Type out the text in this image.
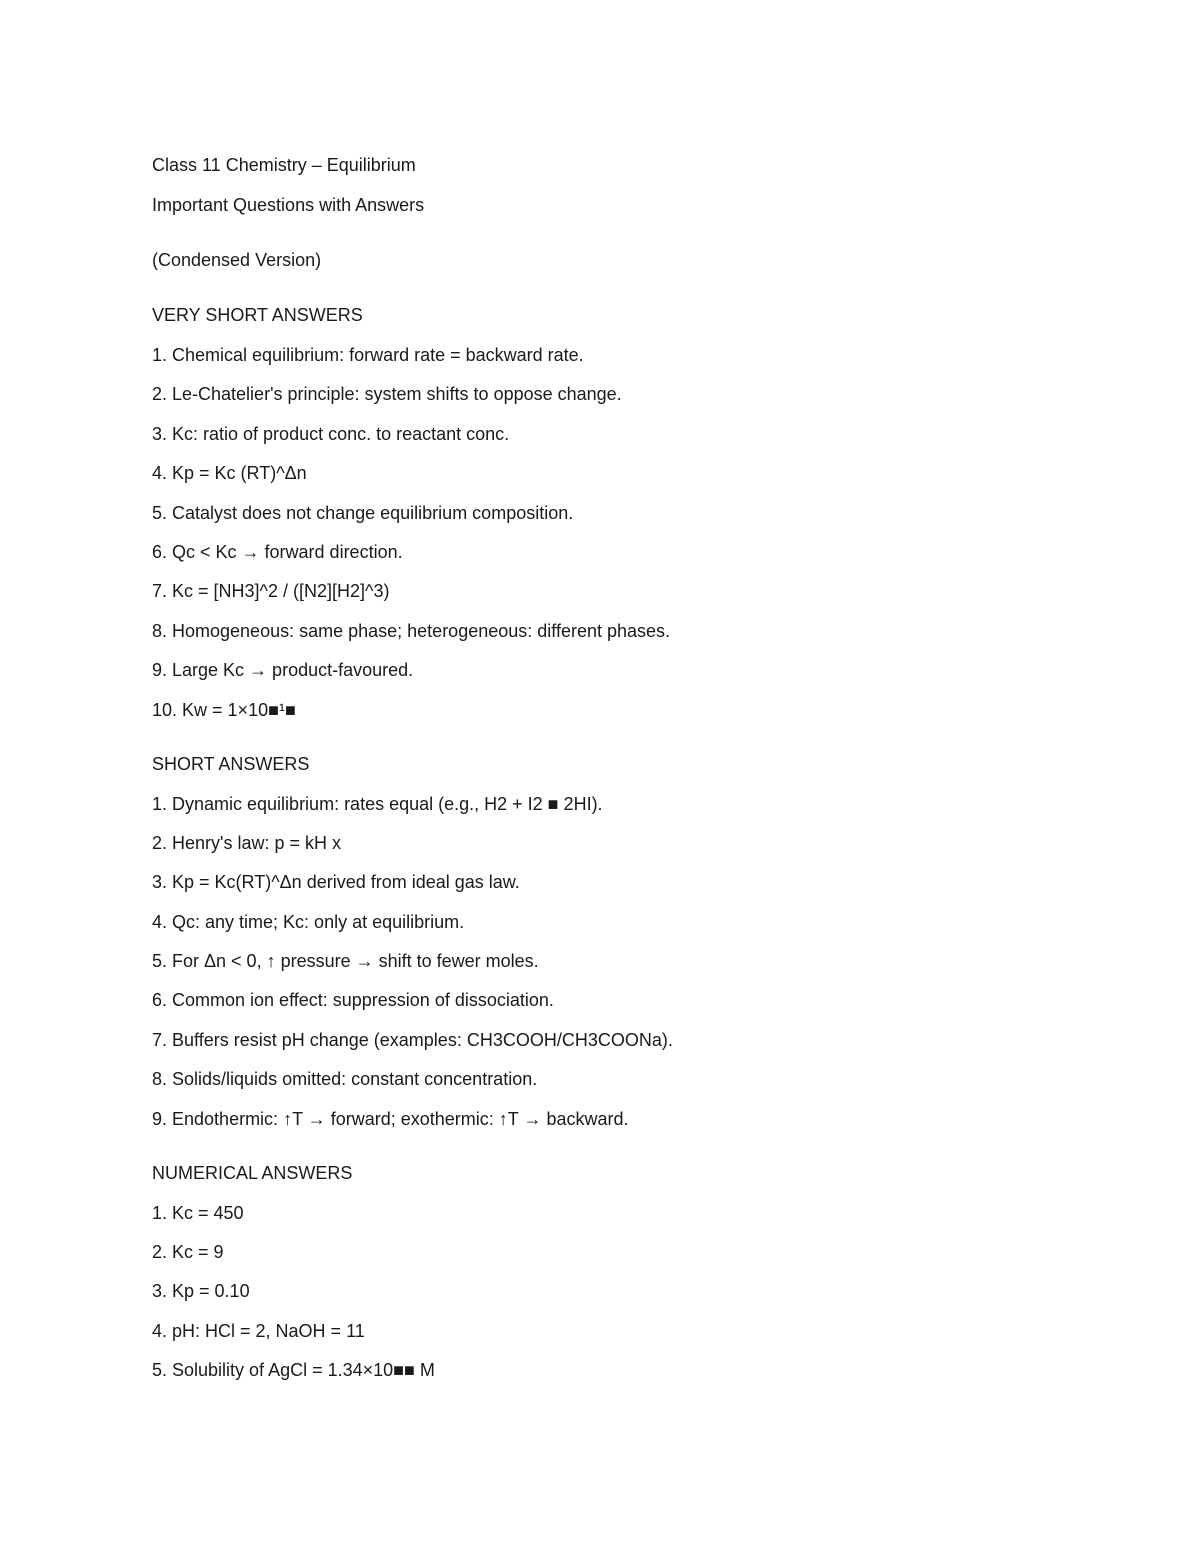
Class 11 Chemistry – Equilibrium

Important Questions with Answers

(Condensed Version)

VERY SHORT ANSWERS

1. Chemical equilibrium: forward rate = backward rate.

2. Le-Chatelier's principle: system shifts to oppose change.

3. Kc: ratio of product conc. to reactant conc.

4. Kp = Kc (RT)^Δn

5. Catalyst does not change equilibrium composition.

6. Qc < Kc → forward direction.

7. Kc = [NH3]^2 / ([N2][H2]^3)

8. Homogeneous: same phase; heterogeneous: different phases.

9. Large Kc → product-favoured.

10. Kw = 1×10■¹■

SHORT ANSWERS

1. Dynamic equilibrium: rates equal (e.g., H2 + I2 ■ 2HI).

2. Henry's law: p = kH x

3. Kp = Kc(RT)^Δn derived from ideal gas law.

4. Qc: any time; Kc: only at equilibrium.

5. For Δn < 0, ↑ pressure → shift to fewer moles.

6. Common ion effect: suppression of dissociation.

7. Buffers resist pH change (examples: CH3COOH/CH3COONa).

8. Solids/liquids omitted: constant concentration.

9. Endothermic: ↑T → forward; exothermic: ↑T → backward.

NUMERICAL ANSWERS

1. Kc = 450

2. Kc = 9

3. Kp = 0.10

4. pH: HCl = 2, NaOH = 11

5. Solubility of AgCl = 1.34×10■■ M
